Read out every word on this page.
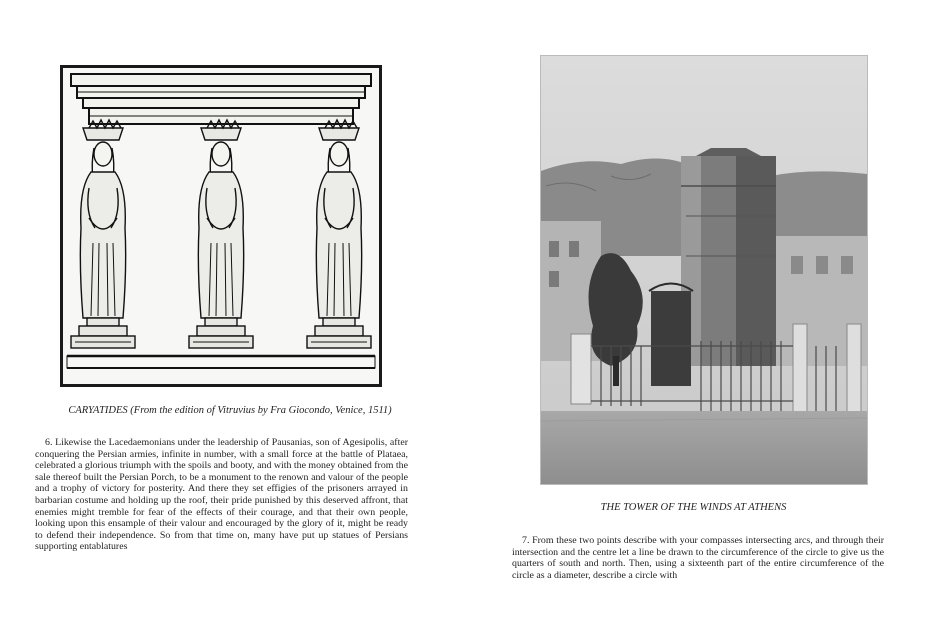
CARYATIDES (From the edition of Vitruvius by Fra Giocondo, Venice, 1511)

6. Likewise the Lacedaemonians under the leadership of Pausanias, son of Agesipolis, after conquering the Persian armies, infinite in number, with a small force at the battle of Plataea, celebrated a glorious triumph with the spoils and booty, and with the money obtained from the sale thereof built the Persian Porch, to be a monument to the renown and valour of the people and a trophy of victory for posterity. And there they set effigies of the prisoners arrayed in barbarian costume and holding up the roof, their pride punished by this deserved affront, that enemies might tremble for fear of the effects of their courage, and that their own people, looking upon this ensample of their valour and encouraged by the glory of it, might be ready to defend their independence. So from that time on, many have put up statues of Persians supporting entablatures

THE TOWER OF THE WINDS AT ATHENS

7. From these two points describe with your compasses intersecting arcs, and through their intersection and the centre let a line be drawn to the circumference of the circle to give us the quarters of south and north. Then, using a sixteenth part of the entire circumference of the circle as a diameter, describe a circle with
